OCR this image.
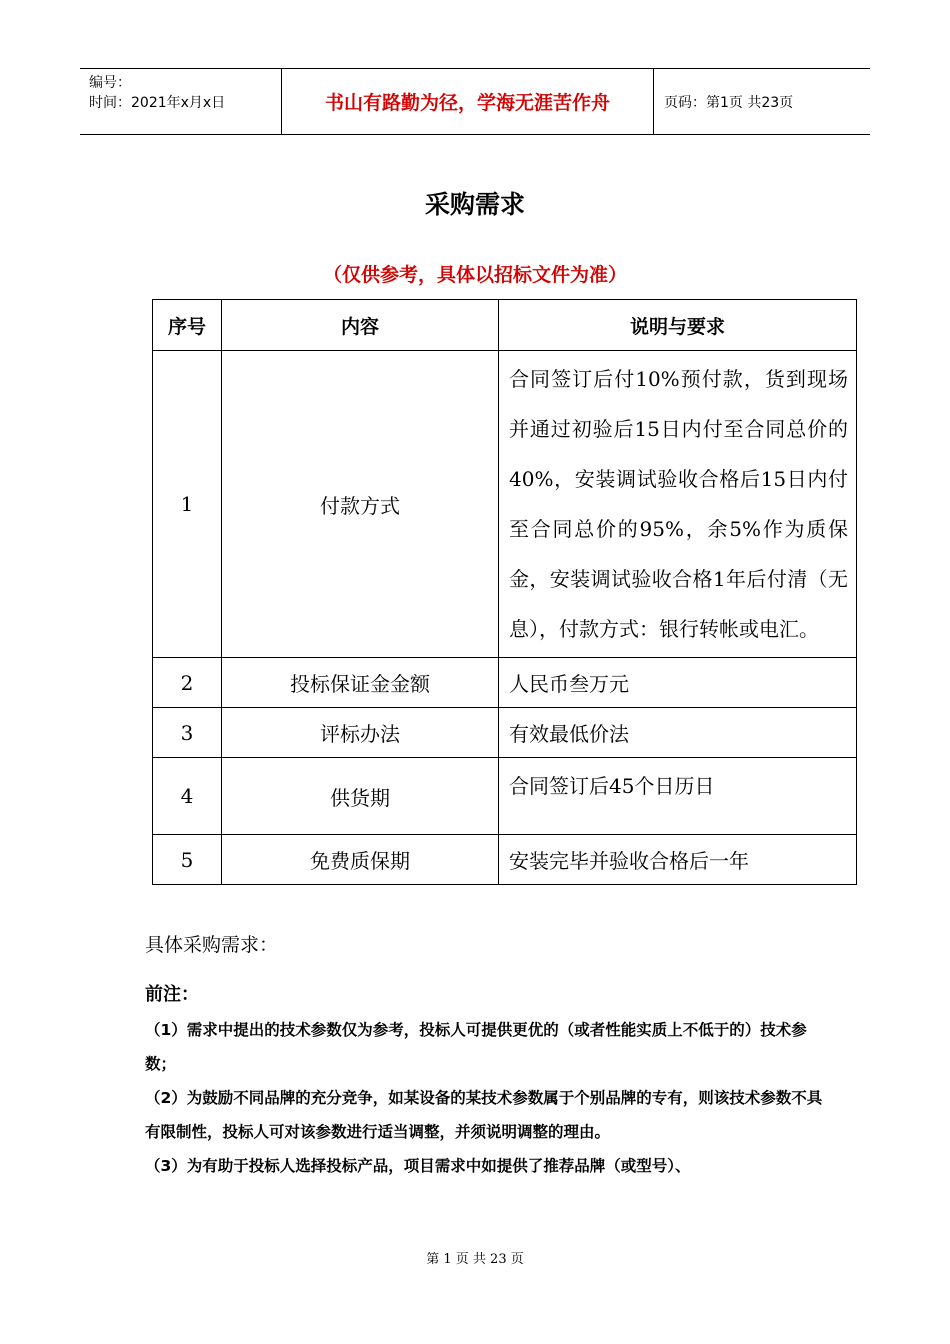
编号：
时间：2021年x月x日	书山有路勤为径，学海无涯苦作舟	页码：第1页 共23页
采购需求
（仅供参考，具体以招标文件为准）
序号	内容	说明与要求
1	付款方式	合同签订后付10%预付款，货到现场并通过初验后15日内付至合同总价的40%，安装调试验收合格后15日内付至合同总价的95%，余5%作为质保金，安装调试验收合格1年后付清（无息），付款方式：银行转帐或电汇。
2	投标保证金金额	人民币叁万元
3	评标办法	有效最低价法
4	供货期	合同签订后45个日历日
5	免费质保期	安装完毕并验收合格后一年
具体采购需求：
前注：

（1）需求中提出的技术参数仅为参考，投标人可提供更优的（或者性能实质上不低于的）技术参数；

（2）为鼓励不同品牌的充分竞争，如某设备的某技术参数属于个别品牌的专有，则该技术参数不具有限制性，投标人可对该参数进行适当调整，并须说明调整的理由。

（3）为有助于投标人选择投标产品，项目需求中如提供了推荐品牌（或型号）、

第 1 页 共 23 页
